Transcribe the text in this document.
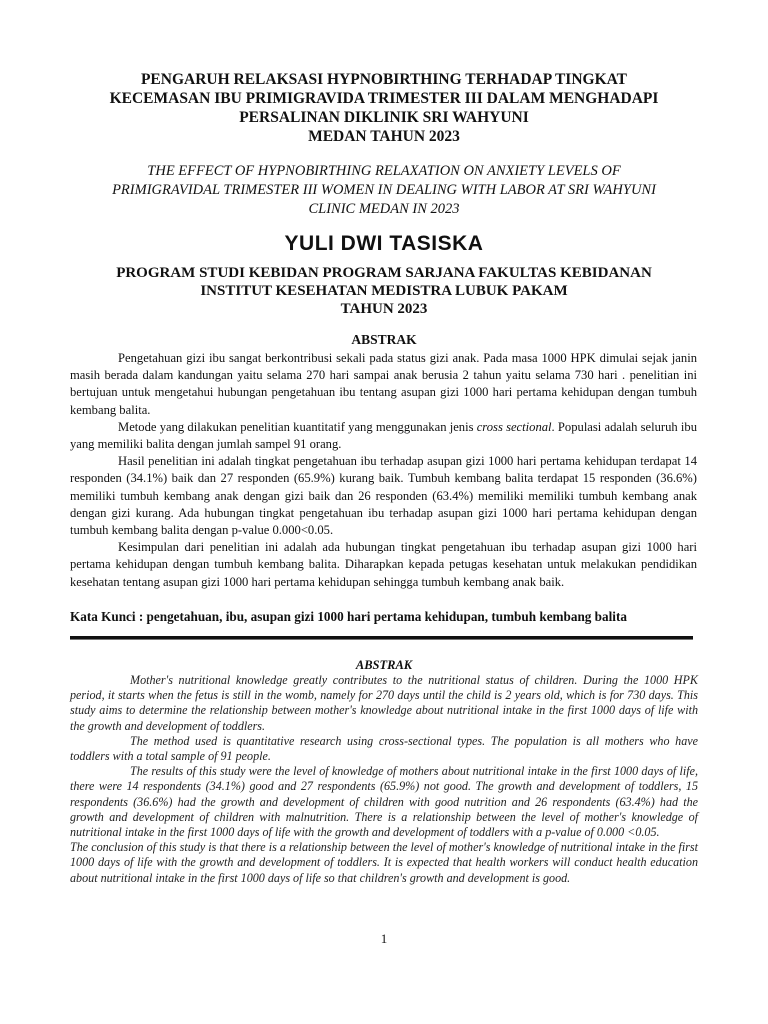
PENGARUH RELAKSASI HYPNOBIRTHING TERHADAP TINGKAT
KECEMASAN IBU PRIMIGRAVIDA TRIMESTER III DALAM MENGHADAPI
PERSALINAN DIKLINIK SRI WAHYUNI
MEDAN TAHUN 2023
THE EFFECT OF HYPNOBIRTHING RELAXATION ON ANXIETY LEVELS OF
PRIMIGRAVIDAL TRIMESTER III WOMEN IN DEALING WITH LABOR AT SRI WAHYUNI
CLINIC MEDAN IN 2023
YULI DWI TASISKA
PROGRAM STUDI KEBIDAN PROGRAM SARJANA FAKULTAS KEBIDANAN
INSTITUT KESEHATAN MEDISTRA LUBUK PAKAM
TAHUN 2023
ABSTRAK

Pengetahuan gizi ibu sangat berkontribusi sekali pada status gizi anak. Pada masa 1000 HPK dimulai sejak janin masih berada dalam kandungan yaitu selama 270 hari sampai anak berusia 2 tahun yaitu selama 730 hari . penelitian ini bertujuan untuk mengetahui hubungan pengetahuan ibu tentang asupan gizi 1000 hari pertama kehidupan dengan tumbuh kembang balita.

Metode yang dilakukan penelitian kuantitatif yang menggunakan jenis cross sectional. Populasi adalah seluruh ibu yang memiliki balita dengan jumlah sampel 91 orang.

Hasil penelitian ini adalah tingkat pengetahuan ibu terhadap asupan gizi 1000 hari pertama kehidupan terdapat 14 responden (34.1%) baik dan 27 responden (65.9%) kurang baik. Tumbuh kembang balita terdapat 15 responden (36.6%) memiliki tumbuh kembang anak dengan gizi baik dan 26 responden (63.4%) memiliki memiliki tumbuh kembang anak dengan gizi kurang. Ada hubungan tingkat pengetahuan ibu terhadap asupan gizi 1000 hari pertama kehidupan dengan tumbuh kembang balita dengan p-value 0.000<0.05.

Kesimpulan dari penelitian ini adalah ada hubungan tingkat pengetahuan ibu terhadap asupan gizi 1000 hari pertama kehidupan dengan tumbuh kembang balita. Diharapkan kepada petugas kesehatan untuk melakukan pendidikan kesehatan tentang asupan gizi 1000 hari pertama kehidupan sehingga tumbuh kembang anak baik.

Kata Kunci : pengetahuan, ibu, asupan gizi 1000 hari pertama kehidupan, tumbuh kembang balita
ABSTRAK

Mother's nutritional knowledge greatly contributes to the nutritional status of children. During the 1000 HPK period, it starts when the fetus is still in the womb, namely for 270 days until the child is 2 years old, which is for 730 days. This study aims to determine the relationship between mother's knowledge about nutritional intake in the first 1000 days of life with the growth and development of toddlers.

The method used is quantitative research using cross-sectional types. The population is all mothers who have toddlers with a total sample of 91 people.

The results of this study were the level of knowledge of mothers about nutritional intake in the first 1000 days of life, there were 14 respondents (34.1%) good and 27 respondents (65.9%) not good. The growth and development of toddlers, 15 respondents (36.6%) had the growth and development of children with good nutrition and 26 respondents (63.4%) had the growth and development of children with malnutrition. There is a relationship between the level of mother's knowledge of nutritional intake in the first 1000 days of life with the growth and development of toddlers with a p-value of 0.000 <0.05.

The conclusion of this study is that there is a relationship between the level of mother's knowledge of nutritional intake in the first 1000 days of life with the growth and development of toddlers. It is expected that health workers will conduct health education about nutritional intake in the first 1000 days of life so that children's growth and development is good.

1
